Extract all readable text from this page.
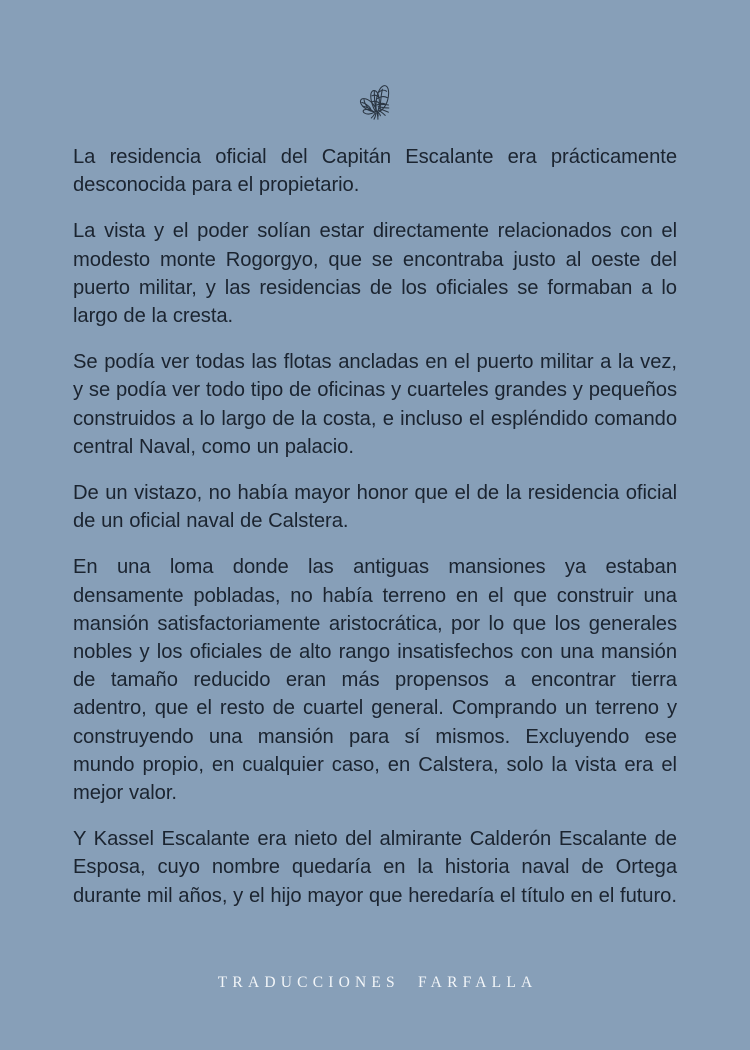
La residencia oficial del Capitán Escalante era prácticamente desconocida para el propietario.

La vista y el poder solían estar directamente relacionados con el modesto monte Rogorgyo, que se encontraba justo al oeste del puerto militar, y las residencias de los oficiales se formaban a lo largo de la cresta.

Se podía ver todas las flotas ancladas en el puerto militar a la vez, y se podía ver todo tipo de oficinas y cuarteles grandes y pequeños construidos a lo largo de la costa, e incluso el espléndido comando central Naval, como un palacio.

De un vistazo, no había mayor honor que el de la residencia oficial de un oficial naval de Calstera.

En una loma donde las antiguas mansiones ya estaban densamente pobladas, no había terreno en el que construir una mansión satisfactoriamente aristocrática, por lo que los generales nobles y los oficiales de alto rango insatisfechos con una mansión de tamaño reducido eran más propensos a encontrar tierra adentro, que el resto de cuartel general. Comprando un terreno y construyendo una mansión para sí mismos. Excluyendo ese mundo propio, en cualquier caso, en Calstera, solo la vista era el mejor valor.

Y Kassel Escalante era nieto del almirante Calderón Escalante de Esposa, cuyo nombre quedaría en la historia naval de Ortega durante mil años, y el hijo mayor que heredaría el título en el futuro.

TRADUCCIONES  FARFALLA
